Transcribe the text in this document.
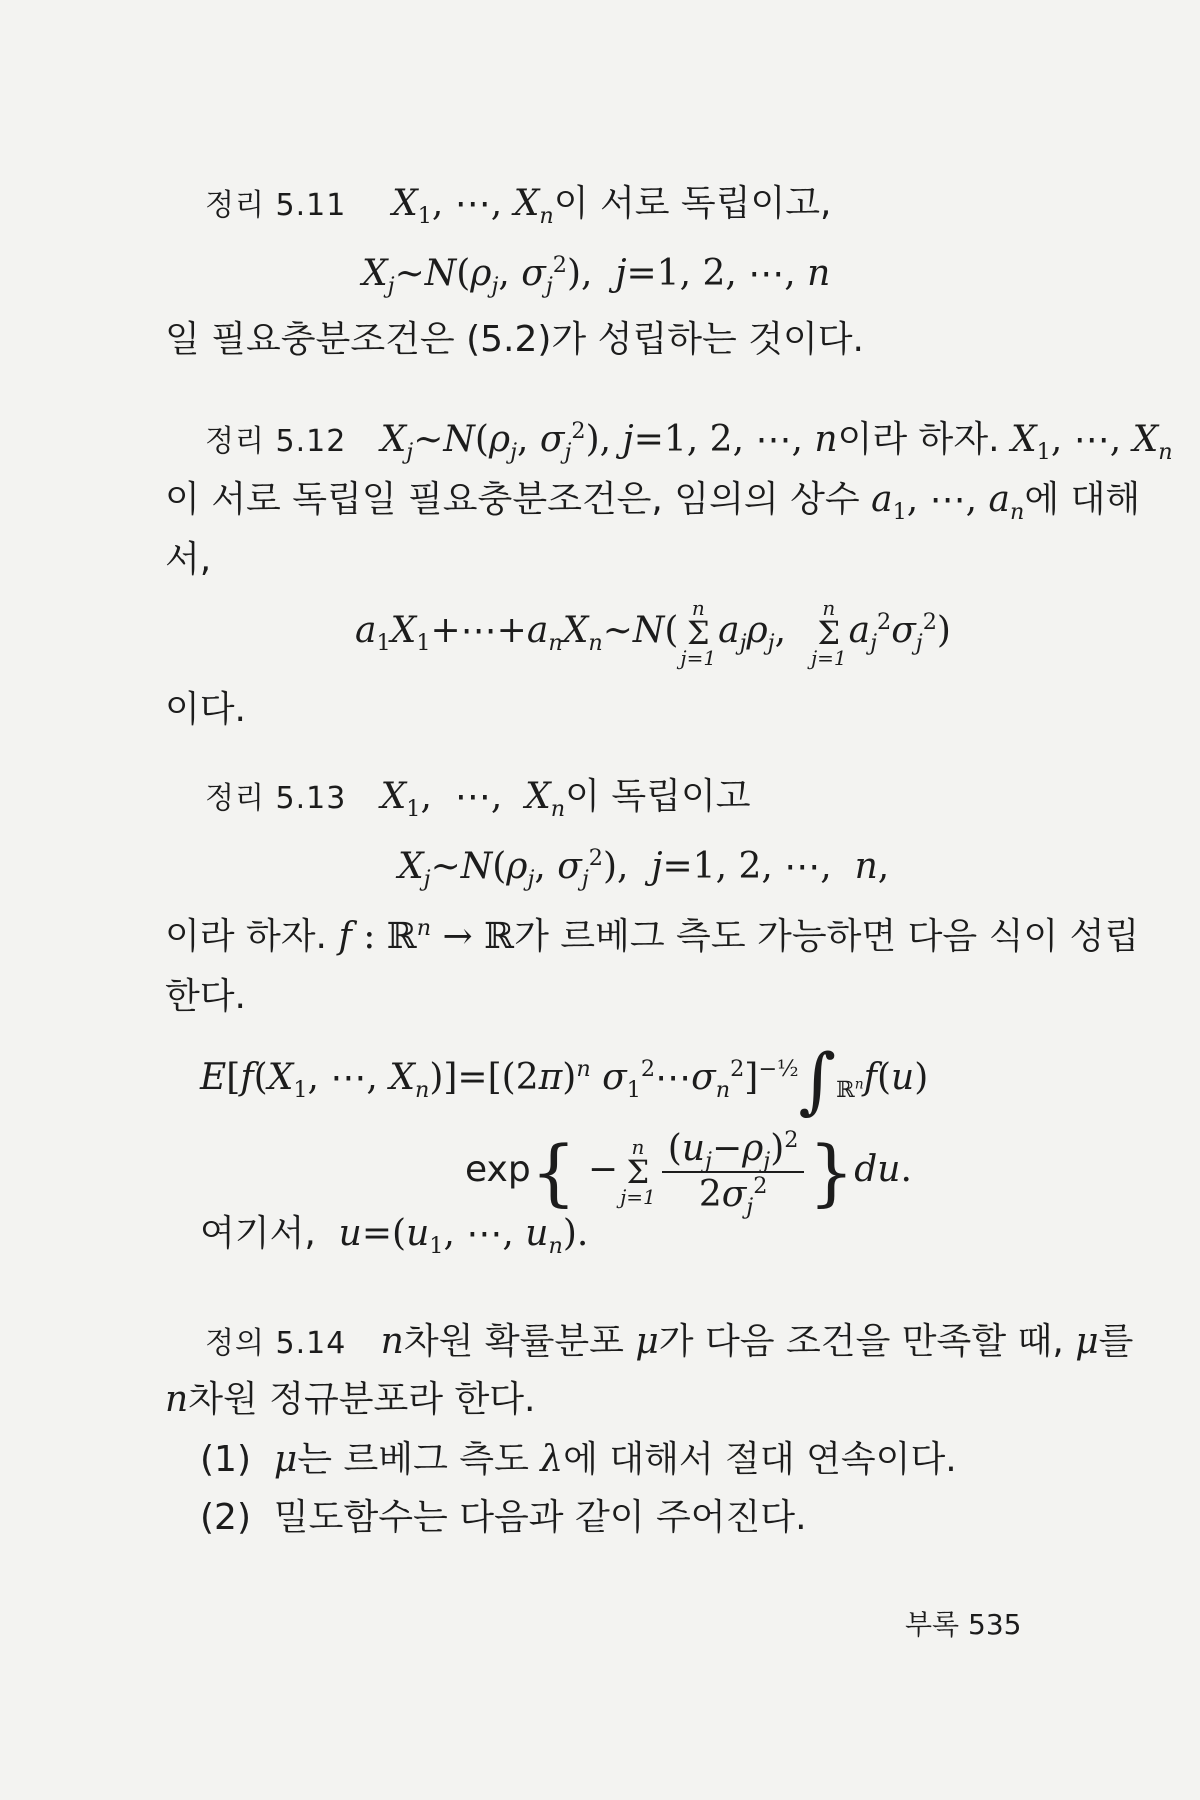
정리 5.11 $X_1$, ⋯, $X_n$이 서로 독립이고,
$X_j\sim N(\rho_j$, $\sigma_j^2$),  j=1, 2, ⋯, n
일 필요충분조건은 (5.2)가 성립하는 것이다.
정리 5.12 $X_j\sim N(\rho_j$, $\sigma_j^2$), j=1, 2, ⋯, n이라 하자. $X_1$, ⋯, $X_n$
이 서로 독립일 필요충분조건은, 임의의 상수 $a_1$, ⋯, $a_n$에 대해
서,
$a_1X_1+\cdots+a_nX_n\sim N$(
n
Σ
j=1
$a_j\rho_j$,
n
Σ
j=1
$a_j^2\sigma_j^2$)
이다.
정리 5.13 $X_1$,  ⋯,  $X_n$이 독립이고
$X_j\sim N(\rho_j$, $\sigma_j^2$),  j=1, 2, ⋯,  n,
이라 하자. f : ℝ$^n$ → ℝ가 르베그 측도 가능하면 다음 식이 성립
한다.
$E[f(X_1$, ⋯, $X_n)]=[(2\pi)^n$ $\sigma_1^2\cdots\sigma_n^2]^{-\frac{1}{2}}\int_{ℝ^n}f(u)$
exp{ −
n
Σ
$j=1 \frac{(u_j-\rho_j)^2}{2\sigma_j^2} \}du$.
여기서, $u=(u_1$, ⋯, $u_n$).
정의 5.14 n차원 확률분포 μ가 다음 조건을 만족할 때, μ를
n차원 정규분포라 한다.
(1) μ는 르베그 측도 λ에 대해서 절대 연속이다.
(2) 밀도함수는 다음과 같이 주어진다.
부록 535
